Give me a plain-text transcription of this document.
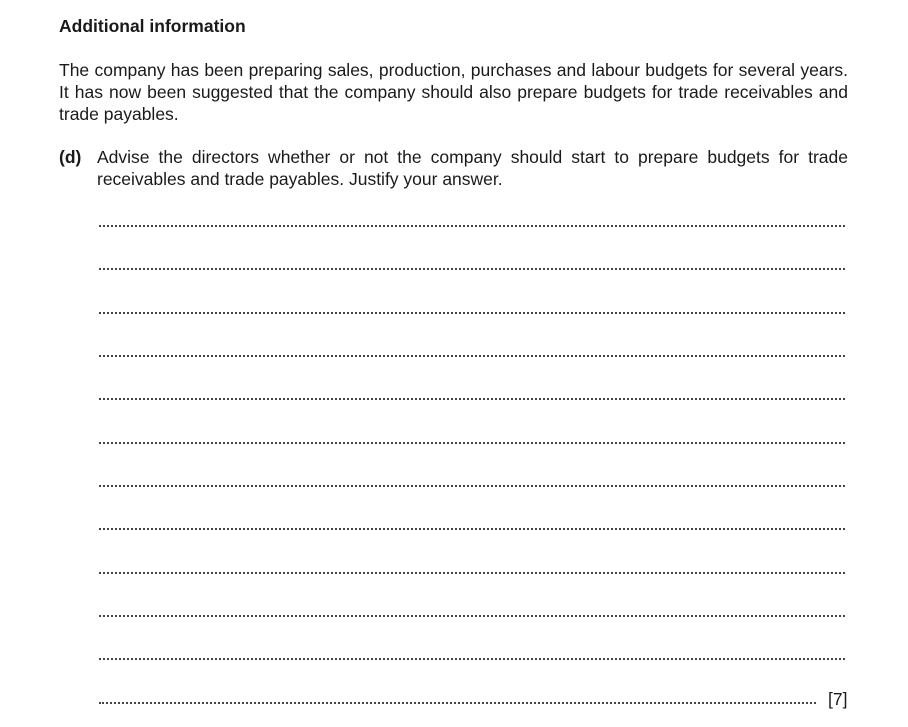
Additional information
The company has been preparing sales, production, purchases and labour budgets for several years. It has now been suggested that the company should also prepare budgets for trade receivables and trade payables.
(d) Advise the directors whether or not the company should start to prepare budgets for trade receivables and trade payables. Justify your answer.
[7]
